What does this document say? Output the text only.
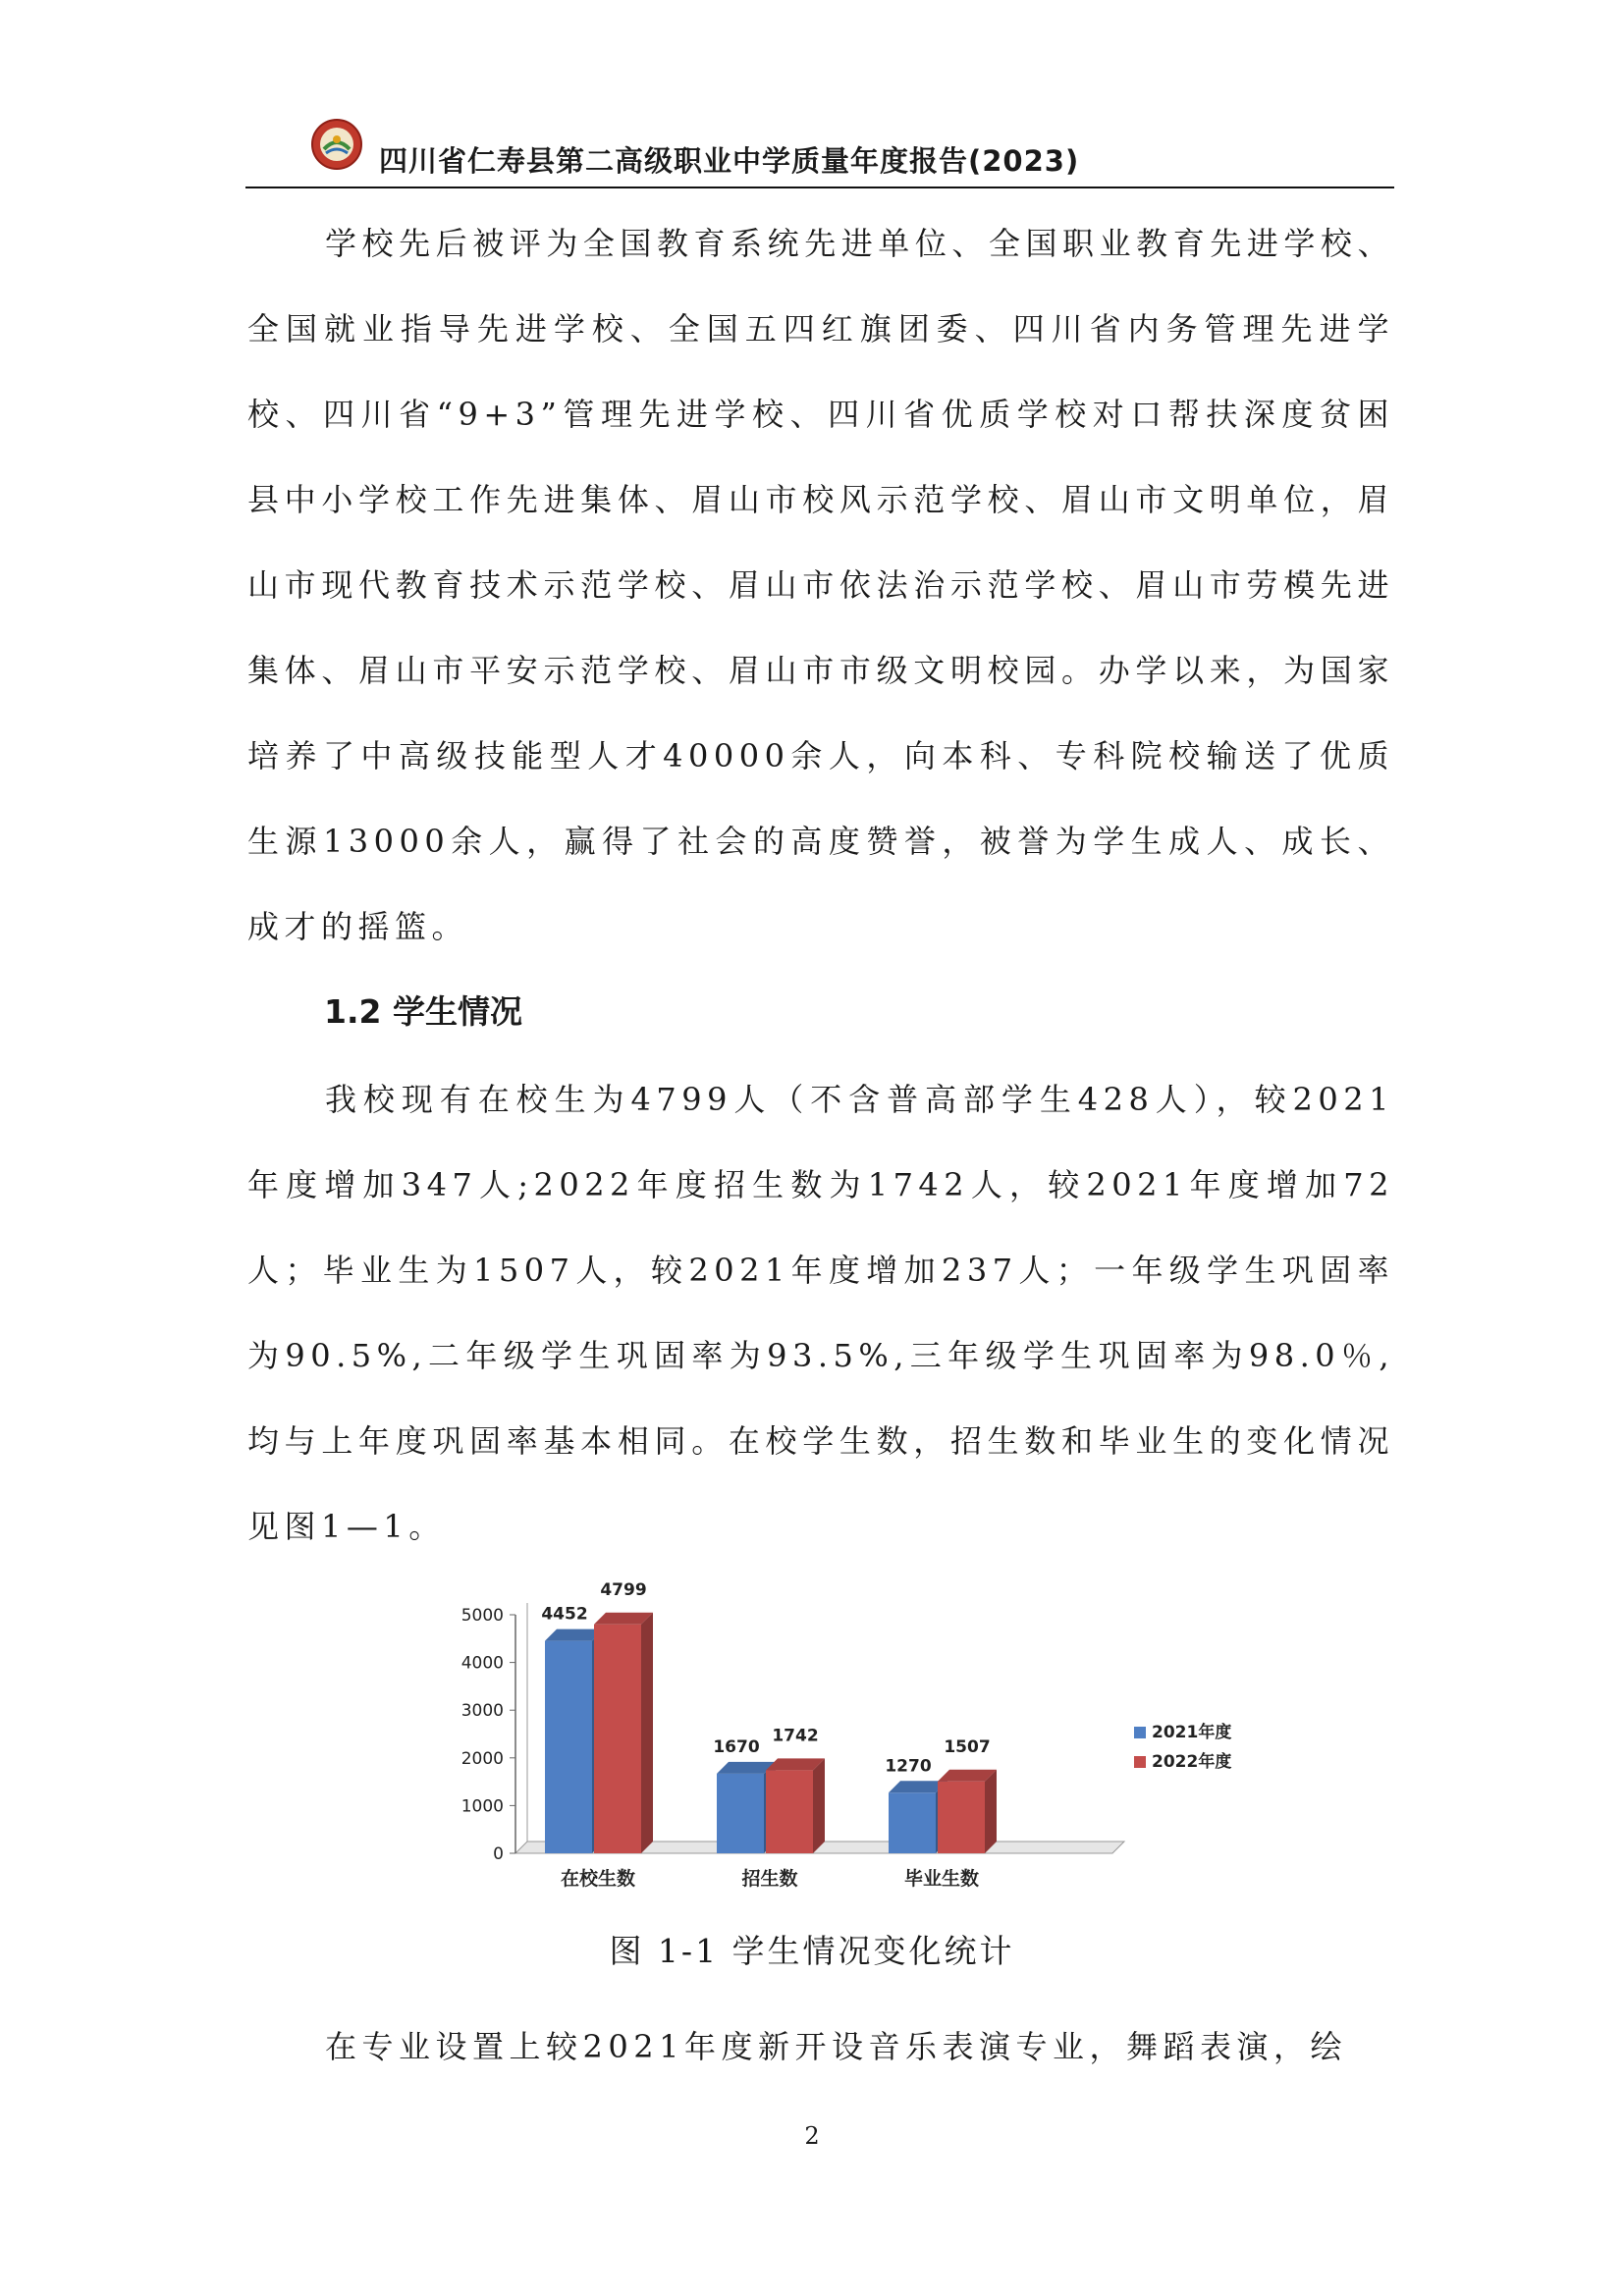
四川省仁寿县第二高级职业中学质量年度报告(2023)

学校先后被评为全国教育系统先进单位、全国职业教育先进学校、全国就业指导先进学校、全国五四红旗团委、四川省内务管理先进学校、四川省“9+3”管理先进学校、四川省优质学校对口帮扶深度贫困县中小学校工作先进集体、眉山市校风示范学校、眉山市文明单位，眉山市现代教育技术示范学校、眉山市依法治示范学校、眉山市劳模先进集体、眉山市平安示范学校、眉山市市级文明校园。办学以来，为国家培养了中高级技能型人才40000余人，向本科、专科院校输送了优质生源13000余人，赢得了社会的高度赞誉，被誉为学生成人、成长、成才的摇篮。

1.2 学生情况

我校现有在校生为4799人（不含普高部学生428人），较2021年度增加347人;2022年度招生数为1742人，较2021年度增加72人；毕业生为1507人，较2021年度增加237人；一年级学生巩固率为90.5%,二年级学生巩固率为93.5%,三年级学生巩固率为98.0％,均与上年度巩固率基本相同。在校学生数，招生数和毕业生的变化情况见图1—1。

0
1000
2000
3000
4000
5000 4452
4799
在校生数
1670
1742
招生数
1270
1507
毕业生数
2021年度
2022年度
图 1-1 学生情况变化统计

在专业设置上较2021年度新开设音乐表演专业，舞蹈表演，绘

2
